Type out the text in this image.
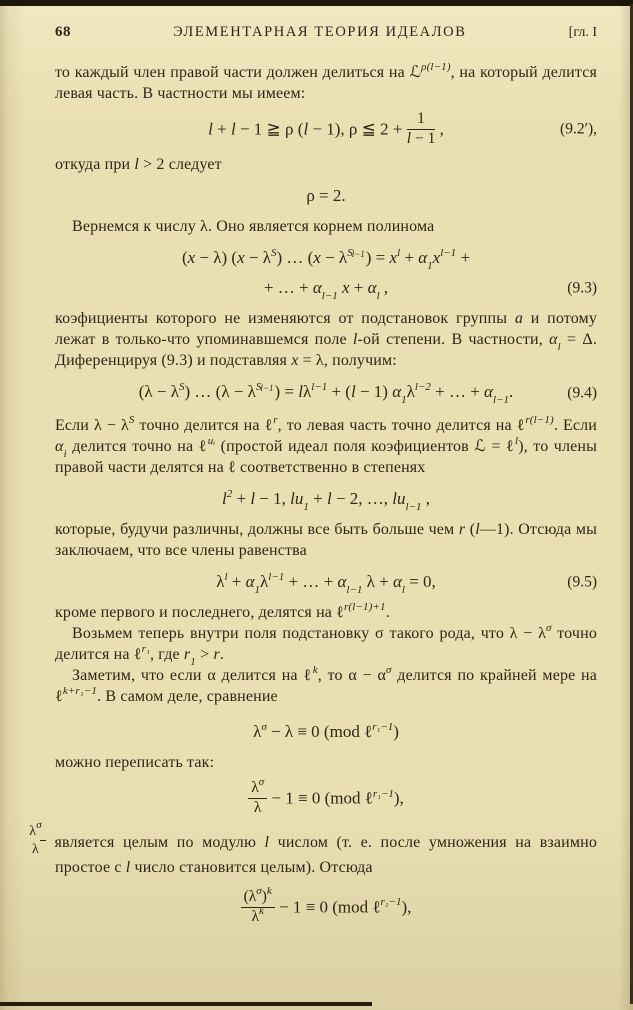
68	ЭЛЕМЕНТАРНАЯ ТЕОРИЯ ИДЕАЛОВ	[гл. I
то каждый член правой части должен делиться на ℒ$^{\rho(l-1)}$, на который делится левая часть. В частности мы имеем:
l + l − 1 ≧ ρ (l − 1), ρ ≦ $2 + \frac{1}{l - 1}$ ,	(9.2′),
откуда при l > 2 следует
ρ = 2.
Вернемся к числу λ. Оно является корнем полинома
(x − λ) $(x - \lambda^S)$ … $(x - \lambda^{Sl-1}) = x^l + \alpha_1x^{l-1}$ +
+ … + $\alpha_{l-1}$ $x + \alpha_l$ ,	(9.3)
коэфициенты которого не изменяются от подстановок группы a и потому лежат в только-что упоминавшемся поле l-ой степени. В частности, $\alpha_l = \Delta$. Диференцируя (9.3) и подставляя x = λ, получим:
$(\lambda - \lambda^S)$ … $(\lambda - \lambda^{Sl-1}) = l\lambda^{l-1} + (l - 1)$ $\alpha_1\lambda^{l-2}$ + … + $\alpha_{l-1}$.	(9.4)
Если $\lambda - \lambda^S$ точно делится на ℓ$^r$, то левая часть точно делится на ℓ$^{r(l-1)}$. Если $\alpha_i$ делится точно на ℓ$^{uᵢ}$ (простой идеал поля коэфициентов ℒ = ℓ$^l$), то члены правой части делятся на ℓ соответственно в степенях
$l^2 + l - 1$, $lu_1 + l - 2$, …, $lu_{l-1}$ ,
которые, будучи различны, должны все быть больше чем r (l—1). Отсюда мы заключаем, что все члены равенства
$\lambda^l + \alpha_1\lambda^{l-1}$ + … + $\alpha_{l-1}$ $\lambda + \alpha_l = 0$,	(9.5)
кроме первого и последнего, делятся на ℓ$^{r(l-1)+1}$.
Возьмем теперь внутри поля подстановку σ такого рода, что $\lambda - \lambda^\sigma$ точно делится на ℓ$^{r_1}$, где $r_1 > r$.
Заметим, что если α делится на ℓ$^k$, то $\alpha - \alpha^\sigma$ делится по крайней мере на ℓ$^{k+r_1-1}$. В самом деле, сравнение
$\lambda^\sigma - \lambda \equiv 0$ (mod ℓ$^{r_1-1}$)
можно переписать так:
$\frac{\lambda^\sigma}{\lambda} - 1 \equiv 0$ (mod ℓ$^{r_1-1}$),
$\frac{\lambda^\sigma}{\lambda}$ является целым по модулю l числом (т. е. после умножения на взаимно простое с l число становится целым). Отсюда
$\frac{(\lambda^\sigma)^k}{\lambda^k} - 1 \equiv 0$ (mod ℓ$^{r_1-1}$),
